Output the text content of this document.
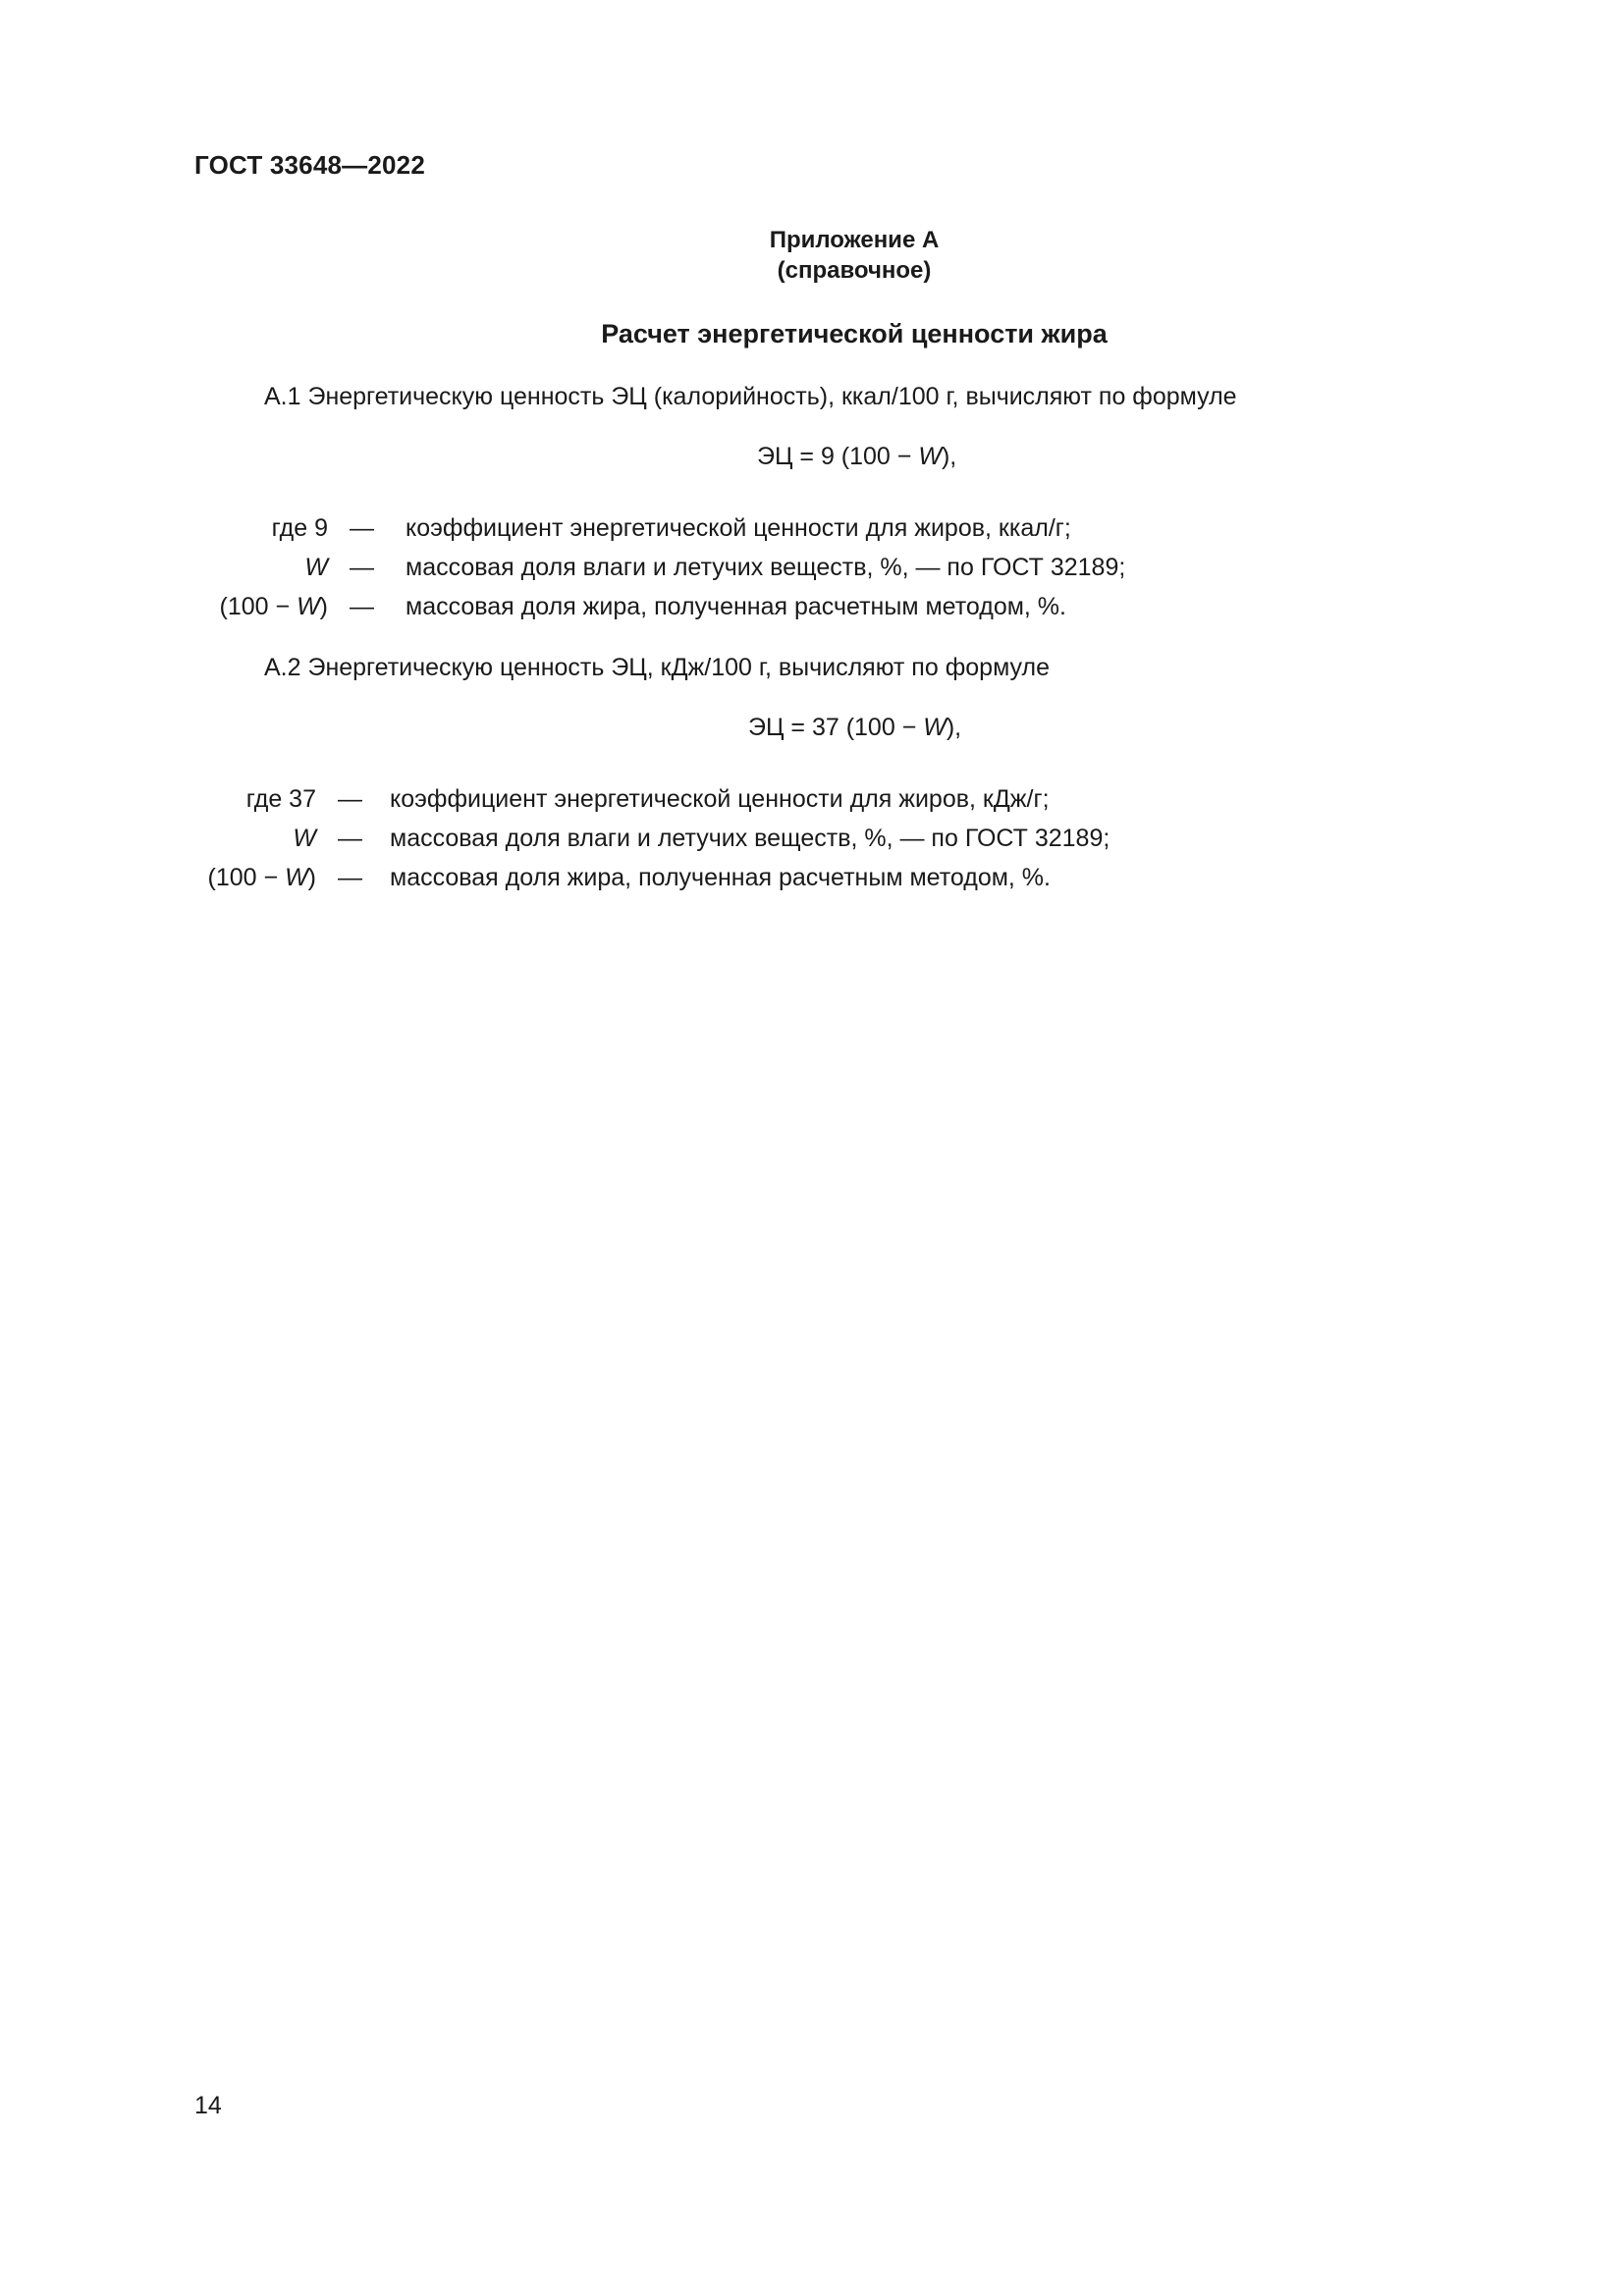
ГОСТ 33648—2022
Приложение А
(справочное)
Расчет энергетической ценности жира
А.1 Энергетическую ценность ЭЦ (калорийность), ккал/100 г, вычисляют по формуле
ЭЦ = 9 (100 − W),
где 9 — коэффициент энергетической ценности для жиров, ккал/г;
W — массовая доля влаги и летучих веществ, %, — по ГОСТ 32189;
(100 − W) — массовая доля жира, полученная расчетным методом, %.
А.2 Энергетическую ценность ЭЦ, кДж/100 г, вычисляют по формуле
ЭЦ = 37 (100 − W),
где 37 — коэффициент энергетической ценности для жиров, кДж/г;
W — массовая доля влаги и летучих веществ, %, — по ГОСТ 32189;
(100 − W) — массовая доля жира, полученная расчетным методом, %.
14
